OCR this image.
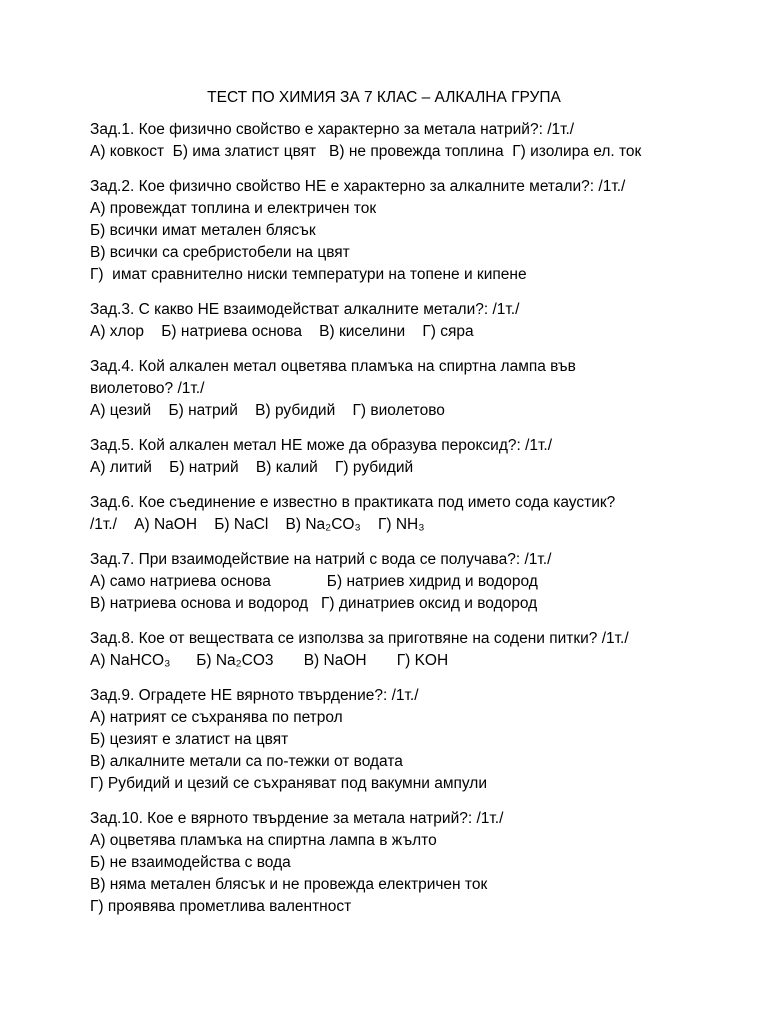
ТЕСТ ПО ХИМИЯ ЗА 7 КЛАС – АЛКАЛНА ГРУПА
Зад.1. Кое физично свойство е характерно за метала натрий?: /1т./
А) ковкост  Б) има златист цвят   В) не провежда топлина  Г) изолира ел. ток
Зад.2. Кое физично свойство НЕ е характерно за алкалните метали?: /1т./
А) провеждат топлина и електричен ток
Б) всички имат метален блясък
В) всички са сребристобели на цвят
Г)  имат сравнително ниски температури на топене и кипене
Зад.3. С какво НЕ взаимодействат алкалните метали?: /1т./
А) хлор    Б) натриева основа    В) киселини    Г) сяра
Зад.4. Кой алкален метал оцветява пламъка на спиртна лампа във
виолетово? /1т./
А) цезий    Б) натрий    В) рубидий    Г) виолетово
Зад.5. Кой алкален метал НЕ може да образува пероксид?: /1т./
А) литий    Б) натрий    В) калий    Г) рубидий
Зад.6. Кое съединение е известно в практиката под името сода каустик?
/1т./    А) NaOH    Б) NaCl    В) Na₂CO₃    Г) NH₃
Зад.7. При взаимодействие на натрий с вода се получава?: /1т./
А) само натриева основа             Б) натриев хидрид и водород
В) натриева основа и водород   Г) динатриев оксид и водород
Зад.8. Кое от веществата се използва за приготвяне на содени питки? /1т./
А) NaHCO₃      Б) Na₂CO3       В) NaOH       Г) KOH
Зад.9. Оградете НЕ вярното твърдение?: /1т./
А) натрият се съхранява по петрол
Б) цезият е златист на цвят
В) алкалните метали са по-тежки от водата
Г) Рубидий и цезий се съхраняват под вакумни ампули
Зад.10. Кое е вярното твърдение за метала натрий?: /1т./
А) оцветява пламъка на спиртна лампа в жълто
Б) не взаимодейства с вода
В) няма метален блясък и не провежда електричен ток
Г) проявява прометлива валентност
